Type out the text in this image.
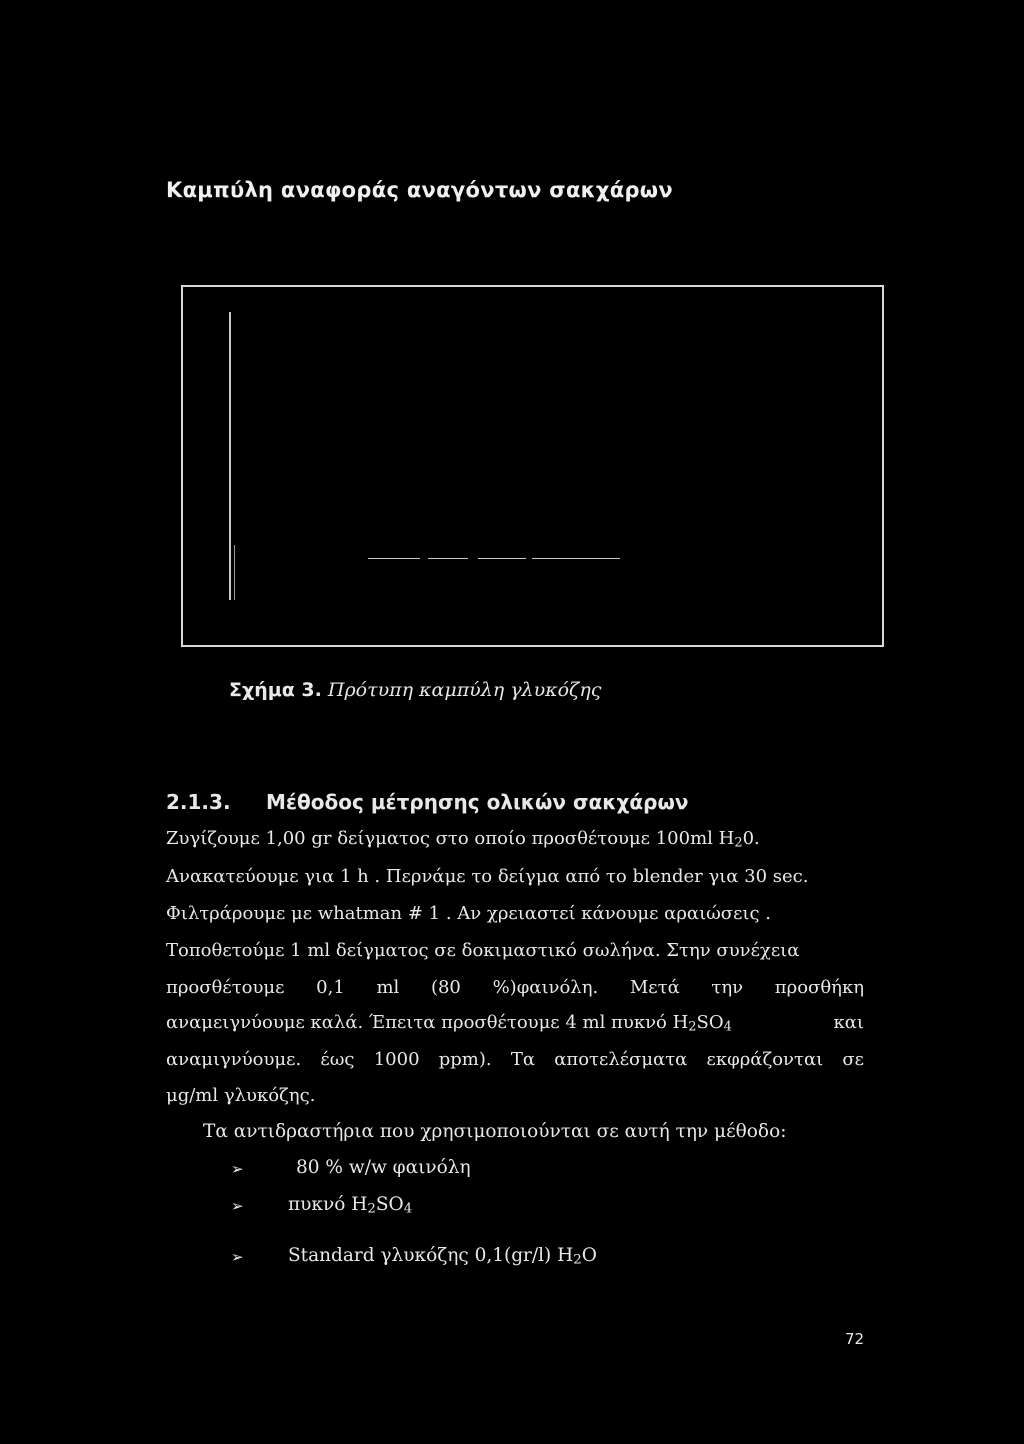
Καμπύλη αναφοράς αναγόντων σακχάρων
Σχήμα 3. Πρότυπη καμπύλη γλυκόζης
2.1.3. Μέθοδος μέτρησης ολικών σακχάρων
Ζυγίζουμε 1,00 gr δείγματος στο οποίο προσθέτουμε 100ml $H_20$.
Ανακατεύουμε για 1 h . Περνάμε το δείγμα από το blender για 30 sec.
Φιλτράρουμε με whatman # 1 . Αν χρειαστεί κάνουμε αραιώσεις .
Τοποθετούμε 1 ml δείγματος σε δοκιμαστικό σωλήνα. Στην συνέχεια
προσθέτουμε 0,1 ml (80 %)φαινόλη. Μετά την προσθήκη
αναμειγνύουμε καλά. Έπειτα προσθέτουμε 4 ml πυκνό $H_2SO_4$	και
αναμιγνύουμε. έως 1000 ppm). Τα αποτελέσματα εκφράζονται σε
μg/ml γλυκόζης.
Τα αντιδραστήρια που χρησιμοποιούνται σε αυτή την μέθοδο:
➢	80 % w/w φαινόλη
➢ πυκνό $H_2SO_4$
➢ Standard γλυκόζης 0,1(gr/l) $H_2O$
72
